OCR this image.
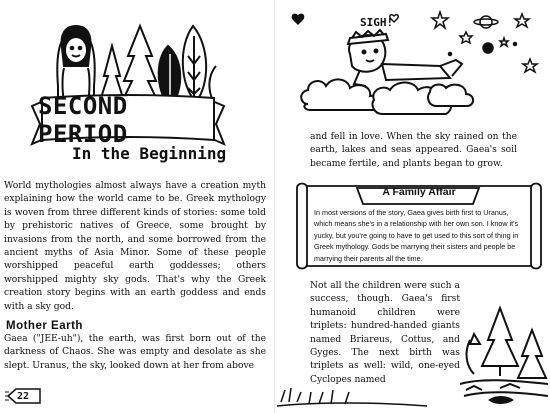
SECOND PERIOD
In the Beginning
World mythologies almost always have a creation myth explaining how the world came to be. Greek mythology is woven from three different kinds of stories: some told by prehistoric natives of Greece, some brought by invasions from the north, and some borrowed from the ancient myths of Asia Minor. Some of these people worshipped peaceful earth goddesses; others worshipped mighty sky gods. That's why the Greek creation story begins with an earth goddess and ends with a sky god.
Mother Earth
Gaea ("JEE-uh"), the earth, was first born out of the darkness of Chaos. She was empty and desolate as she slept. Uranus, the sky, looked down at her from above
22
SIGH!
and fell in love. When the sky rained on the earth, lakes and seas appeared. Gaea's soil became fertile, and plants began to grow.
A Family Affair
In most versions of the story, Gaea gives birth first to Uranus, which means she's in a relationship with her own son. I know it's yucky, but you're going to have to get used to this sort of thing in Greek mythology. Gods be marrying their sisters and people be marrying their parents all the time.
Not all the children were such a success, though. Gaea's first humanoid children were triplets: hundred-handed giants named Briareus, Cottus, and Gyges. The next birth was triplets as well: wild, one-eyed Cyclopes named
